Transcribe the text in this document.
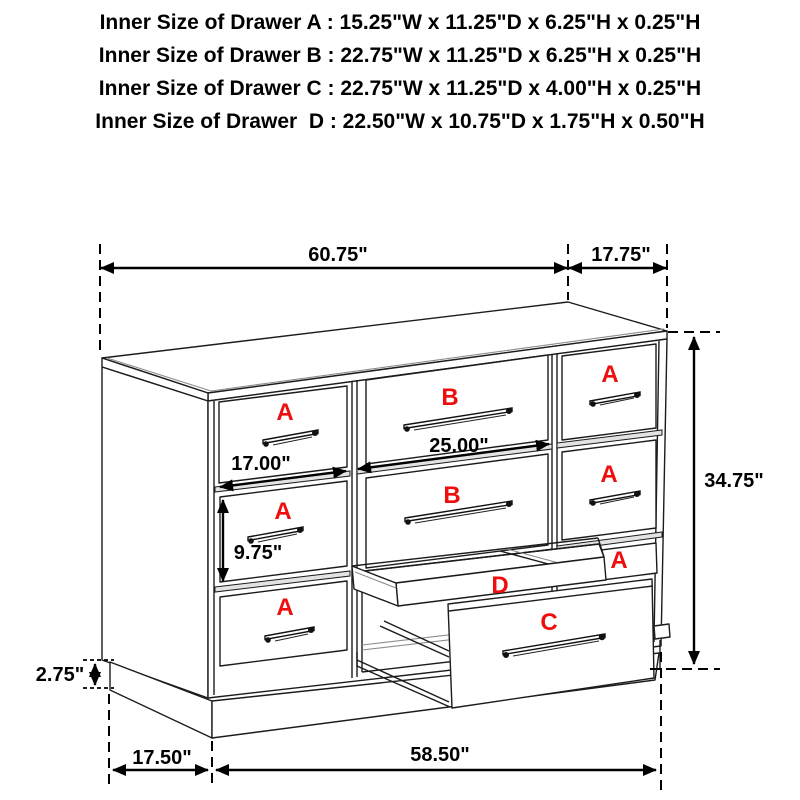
Inner Size of Drawer A : 15.25"W x 11.25"D x 6.25"H x 0.25"H
Inner Size of Drawer B : 22.75"W x 11.25"D x 6.25"H x 0.25"H
Inner Size of Drawer C : 22.75"W x 11.25"D x 4.00"H x 0.25"H
Inner Size of Drawer  D : 22.50"W x 10.75"D x 1.75"H x 0.50"H
A
A
A
B
B
A
A
A
D
C
60.75"	17.75"
34.75"
25.00"
17.00"
9.75"
2.75"
17.50"	58.50"
